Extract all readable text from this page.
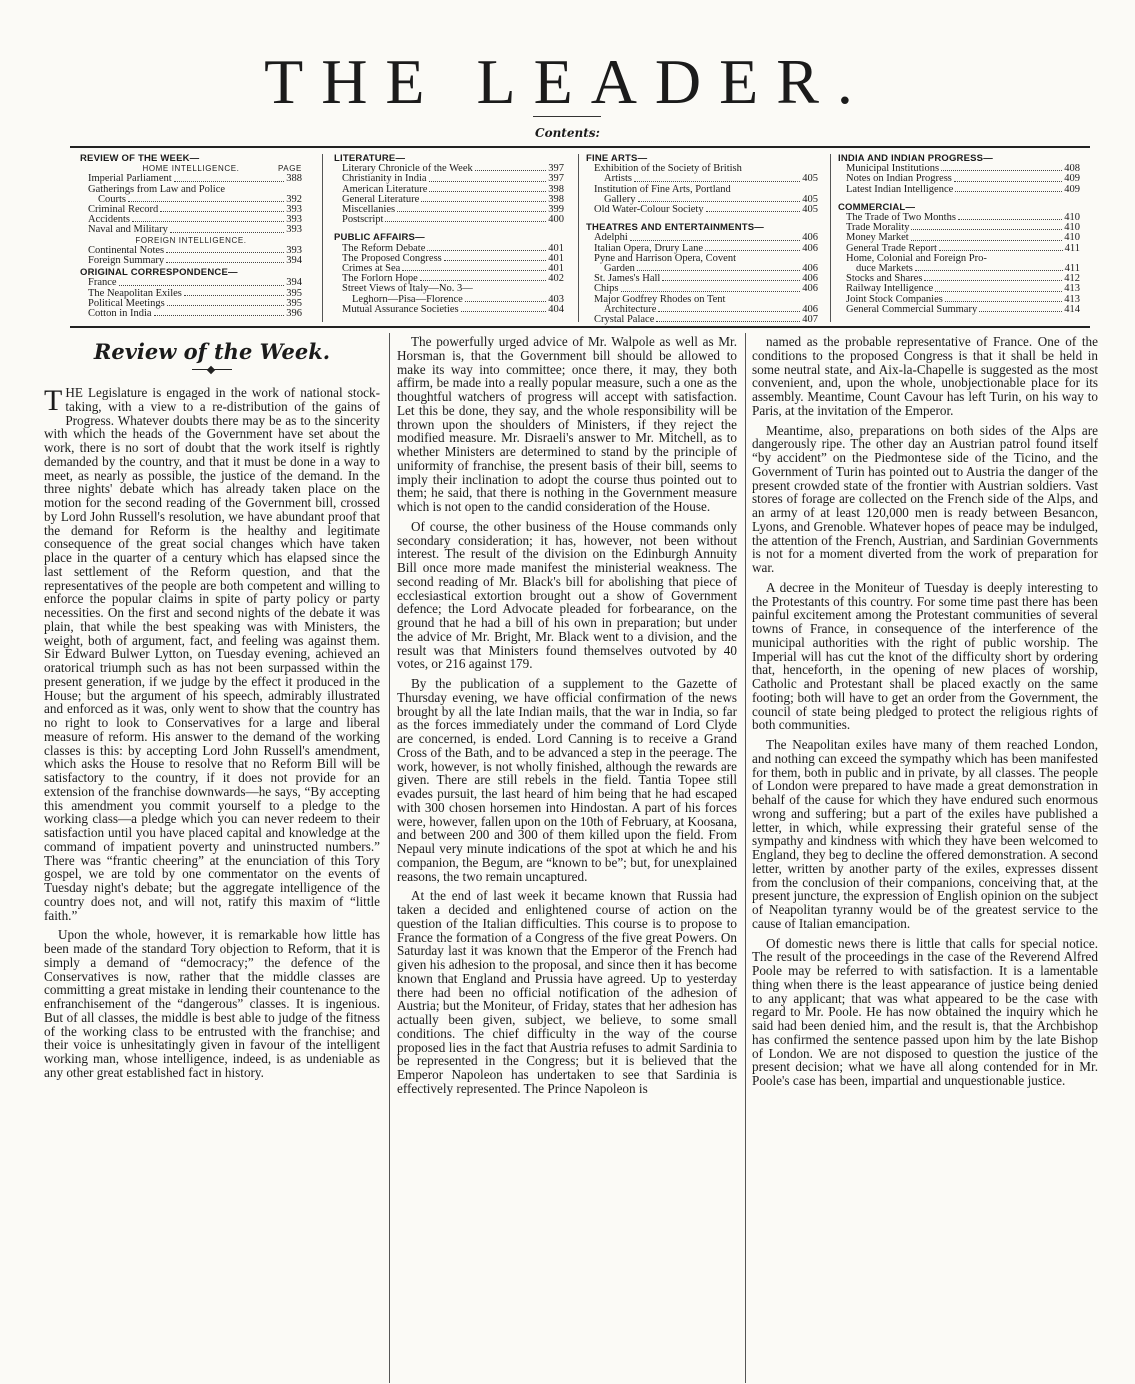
THE LEADER.
Contents:
REVIEW OF THE WEEK—
HOME INTELLIGENCE.	PAGE
Imperial Parliament	388
Gatherings from Law and Police
Courts	392
Criminal Record	393
Accidents	393
Naval and Military	393
FOREIGN INTELLIGENCE.
Continental Notes	393
Foreign Summary	394
ORIGINAL CORRESPONDENCE—
France	394
The Neapolitan Exiles	395
Political Meetings	395
Cotton in India	396
LITERATURE—
Literary Chronicle of the Week	397
Christianity in India	397
American Literature	398
General Literature	398
Miscellanies	399
Postscript	400
PUBLIC AFFAIRS—
The Reform Debate	401
The Proposed Congress	401
Crimes at Sea	401
The Forlorn Hope	402
Street Views of Italy—No. 3—
Leghorn—Pisa—Florence	403
Mutual Assurance Societies	404
FINE ARTS—
Exhibition of the Society of British
Artists	405
Institution of Fine Arts, Portland
Gallery	405
Old Water-Colour Society	405
THEATRES AND ENTERTAINMENTS—
Adelphi	406
Italian Opera, Drury Lane	406
Pyne and Harrison Opera, Covent
Garden	406
St. James's Hall	406
Chips	406
Major Godfrey Rhodes on Tent
Architecture	406
Crystal Palace	407
INDIA AND INDIAN PROGRESS—
Municipal Institutions	408
Notes on Indian Progress	409
Latest Indian Intelligence	409
COMMERCIAL—
The Trade of Two Months	410
Trade Morality	410
Money Market	410
General Trade Report	411
Home, Colonial and Foreign Pro-
duce Markets	411
Stocks and Shares	412
Railway Intelligence	413
Joint Stock Companies	413
General Commercial Summary	414
Review of the Week.

THE Legislature is engaged in the work of national stock-taking, with a view to a re-distribution of the gains of Progress. Whatever doubts there may be as to the sincerity with which the heads of the Government have set about the work, there is no sort of doubt that the work itself is rightly demanded by the country, and that it must be done in a way to meet, as nearly as possible, the justice of the demand. In the three nights' debate which has already taken place on the motion for the second reading of the Government bill, crossed by Lord John Russell's resolution, we have abundant proof that the demand for Reform is the healthy and legitimate consequence of the great social changes which have taken place in the quarter of a century which has elapsed since the last settlement of the Reform question, and that the representatives of the people are both competent and willing to enforce the popular claims in spite of party policy or party necessities. On the first and second nights of the debate it was plain, that while the best speaking was with Ministers, the weight, both of argument, fact, and feeling was against them. Sir Edward Bulwer Lytton, on Tuesday evening, achieved an oratorical triumph such as has not been surpassed within the present generation, if we judge by the effect it produced in the House; but the argument of his speech, admirably illustrated and enforced as it was, only went to show that the country has no right to look to Conservatives for a large and liberal measure of reform. His answer to the demand of the working classes is this: by accepting Lord John Russell's amendment, which asks the House to resolve that no Reform Bill will be satisfactory to the country, if it does not provide for an extension of the franchise downwards—he says, “By accepting this amendment you commit yourself to a pledge to the working class—a pledge which you can never redeem to their satisfaction until you have placed capital and knowledge at the command of impatient poverty and uninstructed numbers.” There was “frantic cheering” at the enunciation of this Tory gospel, we are told by one commentator on the events of Tuesday night's debate; but the aggregate intelligence of the country does not, and will not, ratify this maxim of “little faith.”

Upon the whole, however, it is remarkable how little has been made of the standard Tory objection to Reform, that it is simply a demand of “democracy;” the defence of the Conservatives is now, rather that the middle classes are committing a great mistake in lending their countenance to the enfranchisement of the “dangerous” classes. It is ingenious. But of all classes, the middle is best able to judge of the fitness of the working class to be entrusted with the franchise; and their voice is unhesitatingly given in favour of the intelligent working man, whose intelligence, indeed, is as undeniable as any other great established fact in history.

The powerfully urged advice of Mr. Walpole as well as Mr. Horsman is, that the Government bill should be allowed to make its way into committee; once there, it may, they both affirm, be made into a really popular measure, such a one as the thoughtful watchers of progress will accept with satisfaction. Let this be done, they say, and the whole responsibility will be thrown upon the shoulders of Ministers, if they reject the modified measure. Mr. Disraeli's answer to Mr. Mitchell, as to whether Ministers are determined to stand by the principle of uniformity of franchise, the present basis of their bill, seems to imply their inclination to adopt the course thus pointed out to them; he said, that there is nothing in the Government measure which is not open to the candid consideration of the House.

Of course, the other business of the House commands only secondary consideration; it has, however, not been without interest. The result of the division on the Edinburgh Annuity Bill once more made manifest the ministerial weakness. The second reading of Mr. Black's bill for abolishing that piece of ecclesiastical extortion brought out a show of Government defence; the Lord Advocate pleaded for forbearance, on the ground that he had a bill of his own in preparation; but under the advice of Mr. Bright, Mr. Black went to a division, and the result was that Ministers found themselves outvoted by 40 votes, or 216 against 179.

By the publication of a supplement to the Gazette of Thursday evening, we have official confirmation of the news brought by all the late Indian mails, that the war in India, so far as the forces immediately under the command of Lord Clyde are concerned, is ended. Lord Canning is to receive a Grand Cross of the Bath, and to be advanced a step in the peerage. The work, however, is not wholly finished, although the rewards are given. There are still rebels in the field. Tantia Topee still evades pursuit, the last heard of him being that he had escaped with 300 chosen horsemen into Hindostan. A part of his forces were, however, fallen upon on the 10th of February, at Koosana, and between 200 and 300 of them killed upon the field. From Nepaul very minute indications of the spot at which he and his companion, the Begum, are “known to be”; but, for unexplained reasons, the two remain uncaptured.

At the end of last week it became known that Russia had taken a decided and enlightened course of action on the question of the Italian difficulties. This course is to propose to France the formation of a Congress of the five great Powers. On Saturday last it was known that the Emperor of the French had given his adhesion to the proposal, and since then it has become known that England and Prussia have agreed. Up to yesterday there had been no official notification of the adhesion of Austria; but the Moniteur, of Friday, states that her adhesion has actually been given, subject, we believe, to some small conditions. The chief difficulty in the way of the course proposed lies in the fact that Austria refuses to admit Sardinia to be represented in the Congress; but it is believed that the Emperor Napoleon has undertaken to see that Sardinia is effectively represented. The Prince Napoleon is

named as the probable representative of France. One of the conditions to the proposed Congress is that it shall be held in some neutral state, and Aix-la-Chapelle is suggested as the most convenient, and, upon the whole, unobjectionable place for its assembly. Meantime, Count Cavour has left Turin, on his way to Paris, at the invitation of the Emperor.

Meantime, also, preparations on both sides of the Alps are dangerously ripe. The other day an Austrian patrol found itself “by accident” on the Piedmontese side of the Ticino, and the Government of Turin has pointed out to Austria the danger of the present crowded state of the frontier with Austrian soldiers. Vast stores of forage are collected on the French side of the Alps, and an army of at least 120,000 men is ready between Besancon, Lyons, and Grenoble. Whatever hopes of peace may be indulged, the attention of the French, Austrian, and Sardinian Governments is not for a moment diverted from the work of preparation for war.

A decree in the Moniteur of Tuesday is deeply interesting to the Protestants of this country. For some time past there has been painful excitement among the Protestant communities of several towns of France, in consequence of the interference of the municipal authorities with the right of public worship. The Imperial will has cut the knot of the difficulty short by ordering that, henceforth, in the opening of new places of worship, Catholic and Protestant shall be placed exactly on the same footing; both will have to get an order from the Government, the council of state being pledged to protect the religious rights of both communities.

The Neapolitan exiles have many of them reached London, and nothing can exceed the sympathy which has been manifested for them, both in public and in private, by all classes. The people of London were prepared to have made a great demonstration in behalf of the cause for which they have endured such enormous wrong and suffering; but a part of the exiles have published a letter, in which, while expressing their grateful sense of the sympathy and kindness with which they have been welcomed to England, they beg to decline the offered demonstration. A second letter, written by another party of the exiles, expresses dissent from the conclusion of their companions, conceiving that, at the present juncture, the expression of English opinion on the subject of Neapolitan tyranny would be of the greatest service to the cause of Italian emancipation.

Of domestic news there is little that calls for special notice. The result of the proceedings in the case of the Reverend Alfred Poole may be referred to with satisfaction. It is a lamentable thing when there is the least appearance of justice being denied to any applicant; that was what appeared to be the case with regard to Mr. Poole. He has now obtained the inquiry which he said had been denied him, and the result is, that the Archbishop has confirmed the sentence passed upon him by the late Bishop of London. We are not disposed to question the justice of the present decision; what we have all along contended for in Mr. Poole's case has been, impartial and unquestionable justice.
